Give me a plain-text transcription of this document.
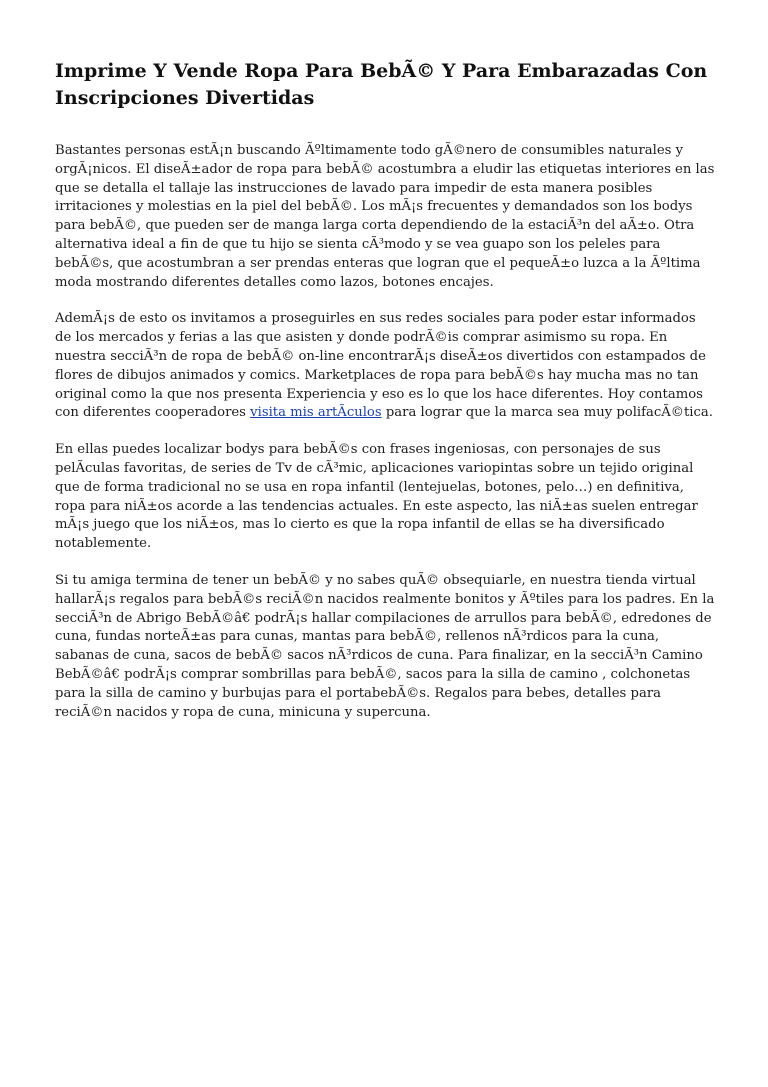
Imprime Y Vende Ropa Para BebÃ© Y Para Embarazadas Con Inscripciones Divertidas

Bastantes personas estÃ¡n buscando Ãºltimamente todo gÃ©nero de consumibles naturales y orgÃ¡nicos. El diseÃ±ador de ropa para bebÃ© acostumbra a eludir las etiquetas interiores en las que se detalla el tallaje las instrucciones de lavado para impedir de esta manera posibles irritaciones y molestias en la piel del bebÃ©. Los mÃ¡s frecuentes y demandados son los bodys para bebÃ©, que pueden ser de manga larga corta dependiendo de la estaciÃ³n del aÃ±o. Otra alternativa ideal a fin de que tu hijo se sienta cÃ³modo y se vea guapo son los peleles para bebÃ©s, que acostumbran a ser prendas enteras que logran que el pequeÃ±o luzca a la Ãºltima moda mostrando diferentes detalles como lazos, botones encajes.

AdemÃ¡s de esto os invitamos a proseguirles en sus redes sociales para poder estar informados de los mercados y ferias a las que asisten y donde podrÃ©is comprar asimismo su ropa. En nuestra secciÃ³n de ropa de bebÃ© on-line encontrarÃ¡s diseÃ±os divertidos con estampados de flores de dibujos animados y comics. Marketplaces de ropa para bebÃ©s hay mucha mas no tan original como la que nos presenta Experiencia y eso es lo que los hace diferentes. Hoy contamos con diferentes cooperadores visita mis artÃculos para lograr que la marca sea muy polifacÃ©tica.

En ellas puedes localizar bodys para bebÃ©s con frases ingeniosas, con personajes de sus pelÃculas favoritas, de series de Tv de cÃ³mic, aplicaciones variopintas sobre un tejido original que de forma tradicional no se usa en ropa infantil (lentejuelas, botones, pelo…) en definitiva, ropa para niÃ±os acorde a las tendencias actuales. En este aspecto, las niÃ±as suelen entregar mÃ¡s juego que los niÃ±os, mas lo cierto es que la ropa infantil de ellas se ha diversificado notablemente.

Si tu amiga termina de tener un bebÃ© y no sabes quÃ© obsequiarle, en nuestra tienda virtual hallarÃ¡s regalos para bebÃ©s reciÃ©n nacidos realmente bonitos y Ãºtiles para los padres. En la secciÃ³n de Abrigo BebÃ©â€ podrÃ¡s hallar compilaciones de arrullos para bebÃ©, edredones de cuna, fundas norteÃ±as para cunas, mantas para bebÃ©, rellenos nÃ³rdicos para la cuna, sabanas de cuna, sacos de bebÃ© sacos nÃ³rdicos de cuna. Para finalizar, en la secciÃ³n Camino BebÃ©â€ podrÃ¡s comprar sombrillas para bebÃ©, sacos para la silla de camino , colchonetas para la silla de camino y burbujas para el portabebÃ©s. Regalos para bebes, detalles para reciÃ©n nacidos y ropa de cuna, minicuna y supercuna.
